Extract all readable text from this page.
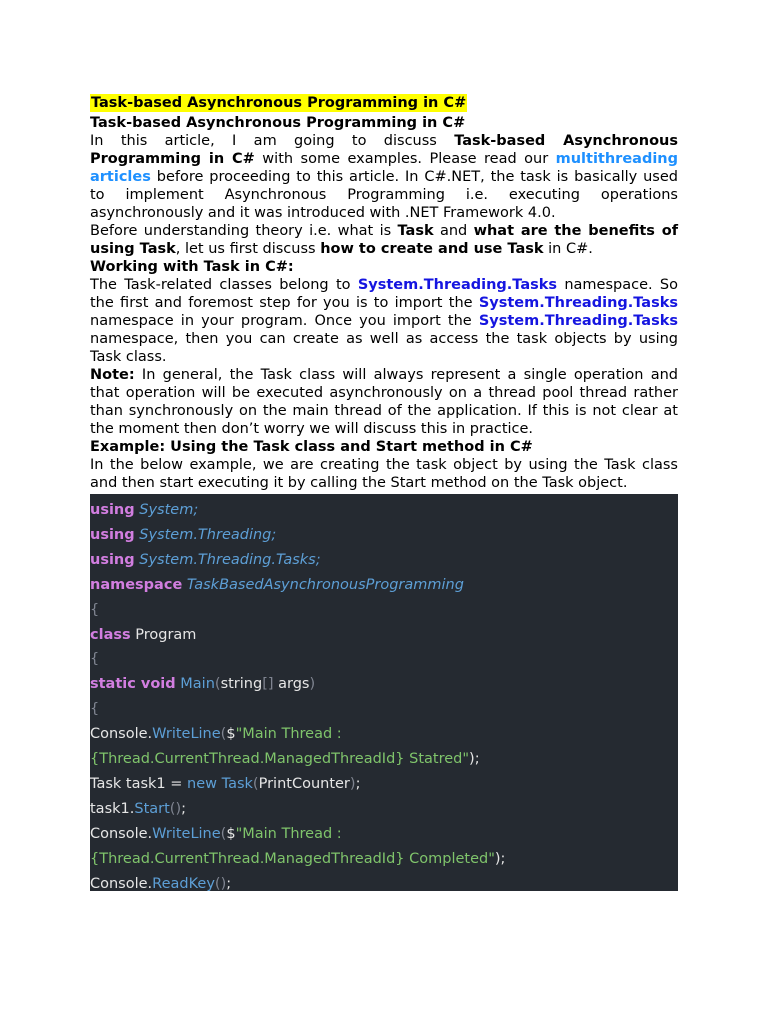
Task-based Asynchronous Programming in C#
Task-based Asynchronous Programming in C#

In this article, I am going to discuss Task-based Asynchronous Programming in C# with some examples. Please read our multithreading articles before proceeding to this article. In C#.NET, the task is basically used to implement Asynchronous Programming i.e. executing operations asynchronously and it was introduced with .NET Framework 4.0.

Before understanding theory i.e. what is Task and what are the benefits of using Task, let us first discuss how to create and use Task in C#.

Working with Task in C#:

The Task-related classes belong to System.Threading.Tasks namespace. So the first and foremost step for you is to import the System.Threading.Tasks namespace in your program. Once you import the System.Threading.Tasks namespace, then you can create as well as access the task objects by using Task class.

Note: In general, the Task class will always represent a single operation and that operation will be executed asynchronously on a thread pool thread rather than synchronously on the main thread of the application. If this is not clear at the moment then don’t worry we will discuss this in practice.

Example: Using the Task class and Start method in C#

In the below example, we are creating the task object by using the Task class and then start executing it by calling the Start method on the Task object.

using System;
using System.Threading;
using System.Threading.Tasks;
namespace TaskBasedAsynchronousProgramming
{
class Program
{
static void Main(string[] args)
{
Console.WriteLine($"Main Thread :
{Thread.CurrentThread.ManagedThreadId} Statred");
Task task1 = new Task(PrintCounter);
task1.Start();
Console.WriteLine($"Main Thread :
{Thread.CurrentThread.ManagedThreadId} Completed");
Console.ReadKey();
